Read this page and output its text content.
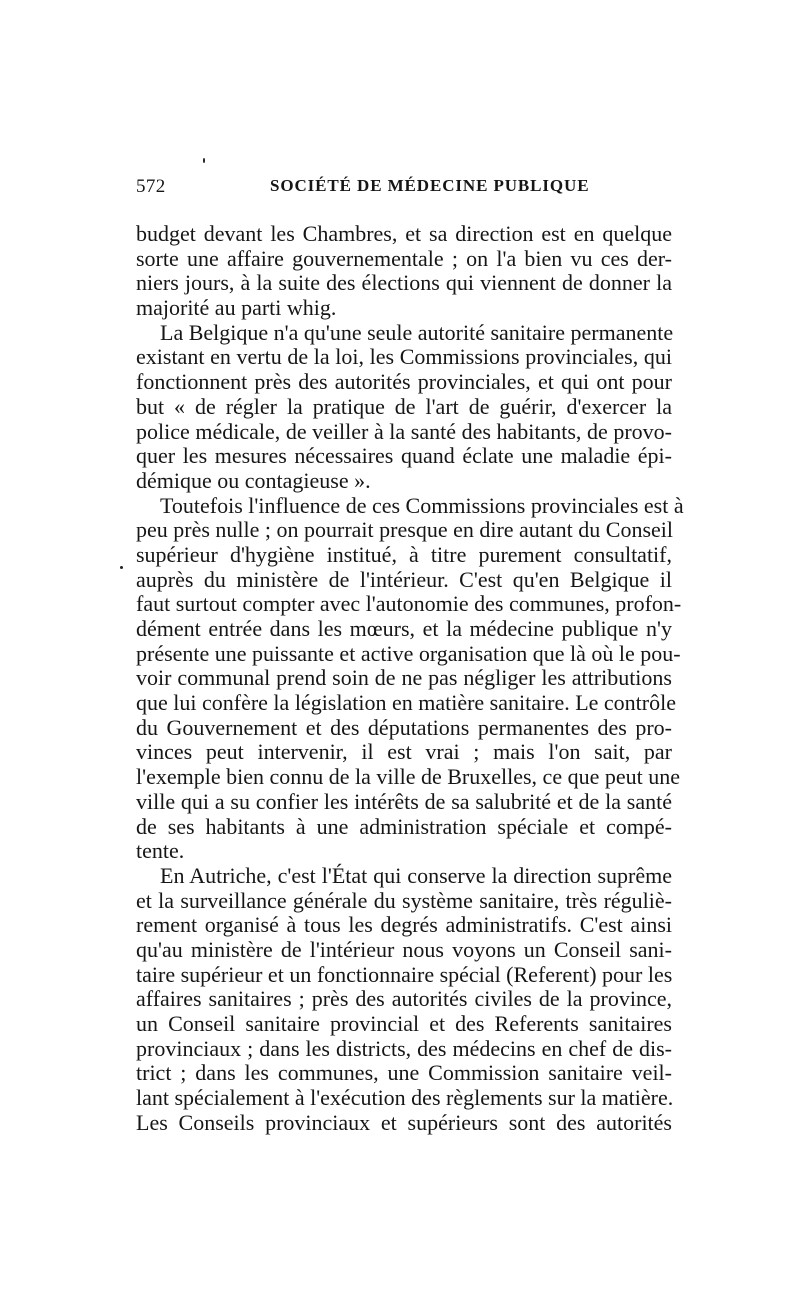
572	SOCIÉTÉ DE MÉDECINE PUBLIQUE
budget devant les Chambres, et sa direction est en quelque
sorte une affaire gouvernementale ; on l'a bien vu ces der-
niers jours, à la suite des élections qui viennent de donner la
majorité au parti whig.
La Belgique n'a qu'une seule autorité sanitaire permanente
existant en vertu de la loi, les Commissions provinciales, qui
fonctionnent près des autorités provinciales, et qui ont pour
but « de régler la pratique de l'art de guérir, d'exercer la
police médicale, de veiller à la santé des habitants, de provo-
quer les mesures nécessaires quand éclate une maladie épi-
démique ou contagieuse ».
Toutefois l'influence de ces Commissions provinciales est à
peu près nulle ; on pourrait presque en dire autant du Conseil
supérieur d'hygiène institué, à titre purement consultatif,
auprès du ministère de l'intérieur. C'est qu'en Belgique il
faut surtout compter avec l'autonomie des communes, profon-
dément entrée dans les mœurs, et la médecine publique n'y
présente une puissante et active organisation que là où le pou-
voir communal prend soin de ne pas négliger les attributions
que lui confère la législation en matière sanitaire. Le contrôle
du Gouvernement et des députations permanentes des pro-
vinces peut intervenir, il est vrai ; mais l'on sait, par
l'exemple bien connu de la ville de Bruxelles, ce que peut une
ville qui a su confier les intérêts de sa salubrité et de la santé
de ses habitants à une administration spéciale et compé-
tente.
En Autriche, c'est l'État qui conserve la direction suprême
et la surveillance générale du système sanitaire, très réguliè-
rement organisé à tous les degrés administratifs. C'est ainsi
qu'au ministère de l'intérieur nous voyons un Conseil sani-
taire supérieur et un fonctionnaire spécial (Referent) pour les
affaires sanitaires ; près des autorités civiles de la province,
un Conseil sanitaire provincial et des Referents sanitaires
provinciaux ; dans les districts, des médecins en chef de dis-
trict ; dans les communes, une Commission sanitaire veil-
lant spécialement à l'exécution des règlements sur la matière.
Les Conseils provinciaux et supérieurs sont des autorités
